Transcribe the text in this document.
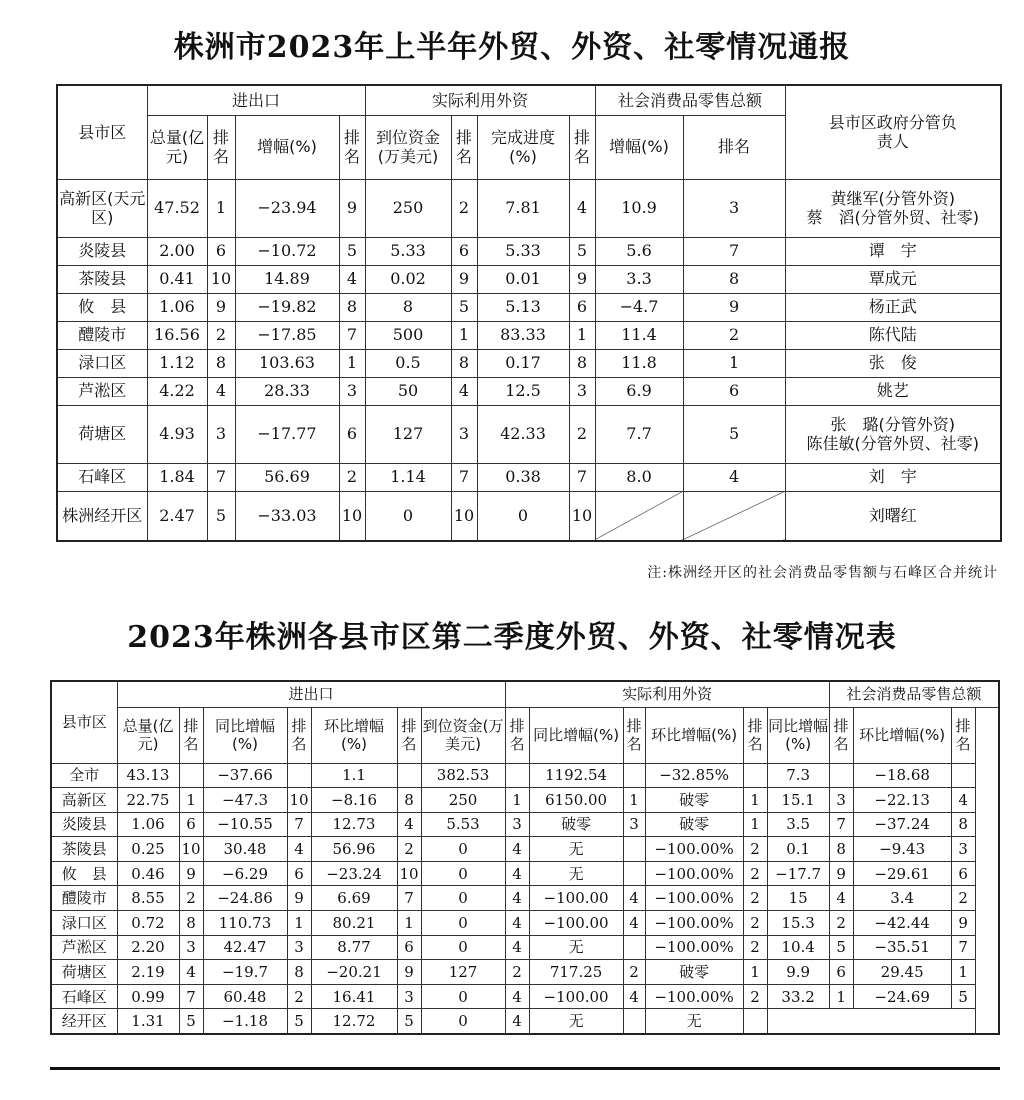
株洲市2023年上半年外贸、外资、社零情况通报
县市区	进出口				实际利用外资				社会消费品零售总额		县市区政府分管负责人
	总量(亿元)	排名	增幅(%)	排名	到位资金(万美元)	排名	完成进度(%)	排名	增幅(%)	排名	
高新区(天元区)	47.52	1	−23.94	9	250	2	7.81	4	10.9	3	黄继军(分管外资)
蔡　滔(分管外贸、社零)
炎陵县	2.00	6	−10.72	5	5.33	6	5.33	5	5.6	7	谭　宇
茶陵县	0.41	10	14.89	4	0.02	9	0.01	9	3.3	8	覃成元
攸　县	1.06	9	−19.82	8	8	5	5.13	6	−4.7	9	杨正武
醴陵市	16.56	2	−17.85	7	500	1	83.33	1	11.4	2	陈代陆
渌口区	1.12	8	103.63	1	0.5	8	0.17	8	11.8	1	张　俊
芦淞区	4.22	4	28.33	3	50	4	12.5	3	6.9	6	姚艺
荷塘区	4.93	3	−17.77	6	127	3	42.33	2	7.7	5	张　璐(分管外资)
陈佳敏(分管外贸、社零)
石峰区	1.84	7	56.69	2	1.14	7	0.38	7	8.0	4	刘　宇
株洲经开区	2.47	5	−33.03	10	0	10	0	10			刘曙红

注:株洲经开区的社会消费品零售额与石峰区合并统计

2023年株洲各县市区第二季度外贸、外资、社零情况表
县市区	进出口							实际利用外资						社会消费品零售总额		
	总量(亿元)	排名	同比增幅(%)	排名	环比增幅(%)	排名	到位资金(万美元)	排名	同比增幅(%)	排名	环比增幅(%)	排名	同比增幅(%)	排名	环比增幅(%)	排名
全市	43.13		−37.66		1.1		382.53		1192.54		−32.85%		7.3		−18.68	
高新区	22.75	1	−47.3	10	−8.16	8	250	1	6150.00	1	破零	1	15.1	3	−22.13	4
炎陵县	1.06	6	−10.55	7	12.73	4	5.53	3	破零	3	破零	1	3.5	7	−37.24	8
茶陵县	0.25	10	30.48	4	56.96	2	0	4	无		−100.00%	2	0.1	8	−9.43	3
攸　县	0.46	9	−6.29	6	−23.24	10	0	4	无		−100.00%	2	−17.7	9	−29.61	6
醴陵市	8.55	2	−24.86	9	6.69	7	0	4	−100.00	4	−100.00%	2	15	4	3.4	2
渌口区	0.72	8	110.73	1	80.21	1	0	4	−100.00	4	−100.00%	2	15.3	2	−42.44	9
芦淞区	2.20	3	42.47	3	8.77	6	0	4	无		−100.00%	2	10.4	5	−35.51	7
荷塘区	2.19	4	−19.7	8	−20.21	9	127	2	717.25	2	破零	1	9.9	6	29.45	1
石峰区	0.99	7	60.48	2	16.41	3	0	4	−100.00	4	−100.00%	2	33.2	1	−24.69	5
经开区	1.31	5	−1.18	5	12.72	5	0	4	无		无					
